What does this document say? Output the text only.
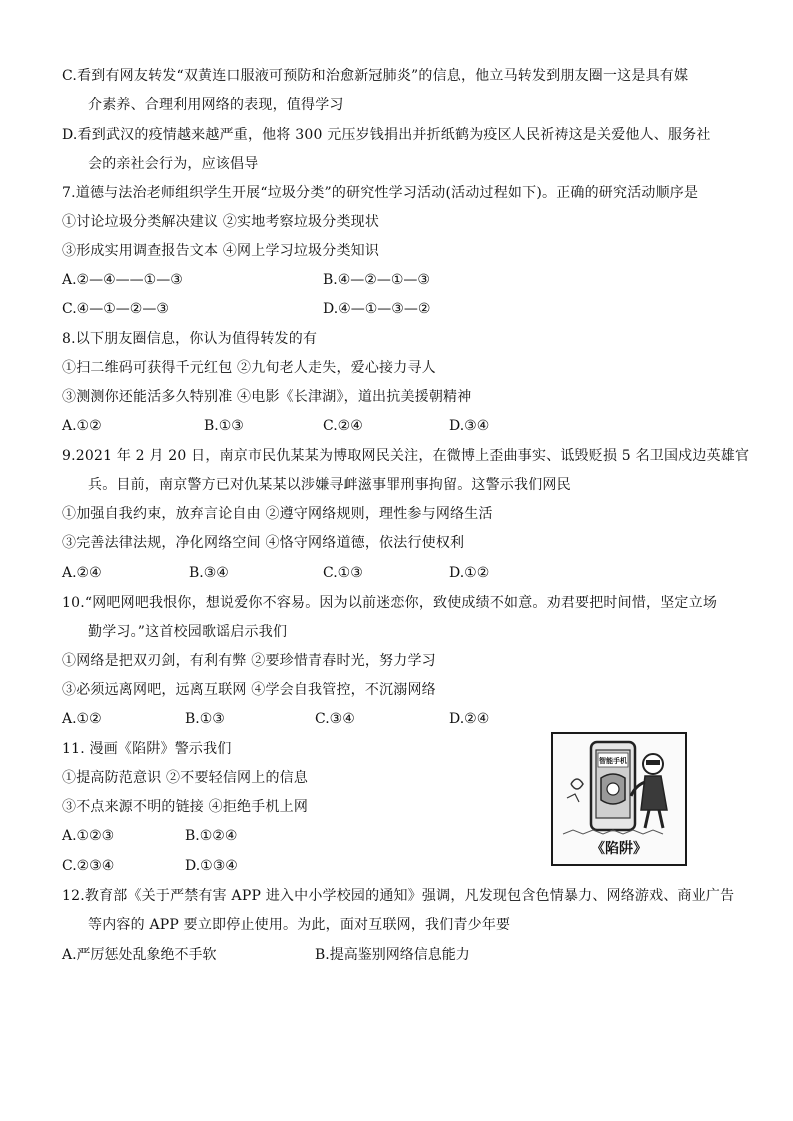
C.看到有网友转发“双黄连口服液可预防和治愈新冠肺炎”的信息，他立马转发到朋友圈一这是具有媒
介素养、合理利用网络的表现，值得学习
D.看到武汉的疫情越来越严重，他将 300 元压岁钱捐出并折纸鹤为疫区人民祈祷这是关爱他人、服务社
会的亲社会行为，应该倡导
7.道德与法治老师组织学生开展“垃圾分类”的研究性学习活动(活动过程如下)。正确的研究活动顺序是
①讨论垃圾分类解决建议 ②实地考察垃圾分类现状
③形成实用调查报告文本 ④网上学习垃圾分类知识
A.②—④——①—③	B.④—②—①—③
C.④—①—②—③	D.④—①—③—②
8.以下朋友圈信息，你认为值得转发的有
①扫二维码可获得千元红包 ②九旬老人走失，爱心接力寻人
③测测你还能活多久特别准 ④电影《长津湖》，道出抗美援朝精神
A.①②	B.①③	C.②④	D.③④
9.2021 年 2 月 20 日，南京市民仇某某为博取网民关注，在微博上歪曲事实、诋毁贬损 5 名卫国戍边英雄官
兵。目前，南京警方已对仇某某以涉嫌寻衅滋事罪刑事拘留。这警示我们网民
①加强自我约束，放弃言论自由 ②遵守网络规则，理性参与网络生活
③完善法律法规，净化网络空间 ④恪守网络道德，依法行使权利
A.②④	B.③④	C.①③	D.①②
10.“网吧网吧我恨你，想说爱你不容易。因为以前迷恋你，致使成绩不如意。劝君要把时间惜，坚定立场
勤学习。”这首校园歌谣启示我们
①网络是把双刃剑，有利有弊 ②要珍惜青春时光，努力学习
③必须远离网吧，远离互联网 ④学会自我管控，不沉溺网络
A.①②	B.①③	C.③④	D.②④
11. 漫画《陷阱》警示我们
①提高防范意识 ②不要轻信网上的信息
③不点来源不明的链接 ④拒绝手机上网
A.①②③	B.①②④
C.②③④	D.①③④
智能手机
《陷阱》
12.教育部《关于严禁有害 APP 进入中小学校园的通知》强调，凡发现包含色情暴力、网络游戏、商业广告
等内容的 APP 要立即停止使用。为此，面对互联网，我们青少年要
A.严厉惩处乱象绝不手软	B.提高鉴别网络信息能力
